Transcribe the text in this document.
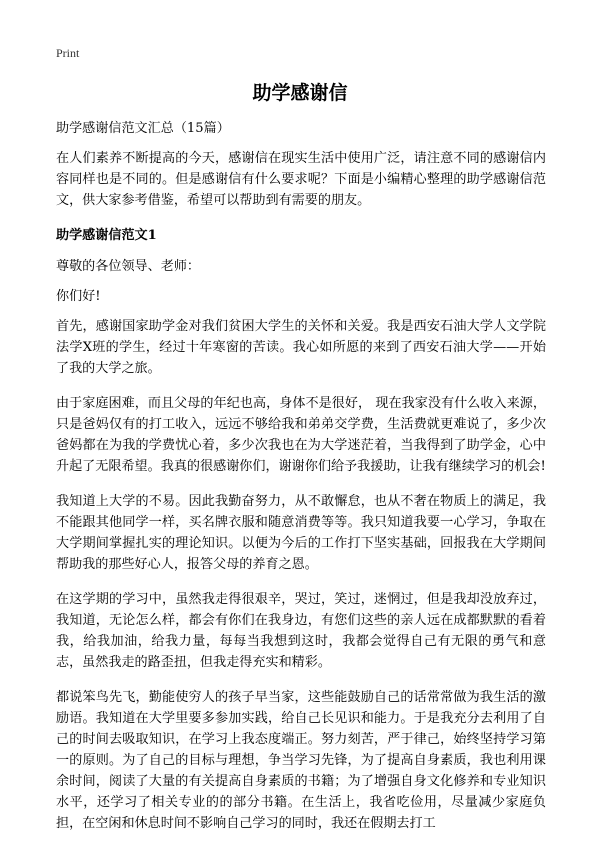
Print
助学感谢信

助学感谢信范文汇总（15篇）

在人们素养不断提高的今天，感谢信在现实生活中使用广泛，请注意不同的感谢信内容同样也是不同的。但是感谢信有什么要求呢？下面是小编精心整理的助学感谢信范文，供大家参考借鉴，希望可以帮助到有需要的朋友。

助学感谢信范文1

尊敬的各位领导、老师：

你们好!

首先，感谢国家助学金对我们贫困大学生的关怀和关爱。我是西安石油大学人文学院法学X班的学生，经过十年寒窗的苦读。我心如所愿的来到了西安石油大学——开始了我的大学之旅。

由于家庭困难，而且父母的年纪也高，身体不是很好， 现在我家没有什么收入来源，只是爸妈仅有的打工收入，远远不够给我和弟弟交学费，生活费就更难说了，多少次爸妈都在为我的学费忧心着，多少次我也在为大学迷茫着，当我得到了助学金，心中升起了无限希望。我真的很感谢你们，谢谢你们给予我援助，让我有继续学习的机会!

我知道上大学的不易。因此我勤奋努力，从不敢懈怠，也从不奢在物质上的满足，我不能跟其他同学一样，买名牌衣服和随意消费等等。我只知道我要一心学习，争取在大学期间掌握扎实的理论知识。以便为今后的工作打下坚实基础，回报我在大学期间帮助我的那些好心人，报答父母的养育之恩。

在这学期的学习中，虽然我走得很艰辛，哭过，笑过，迷惘过，但是我却没放弃过，我知道，无论怎么样，都会有你们在我身边，有您们这些的亲人远在成都默默的看着我，给我加油，给我力量，每每当我想到这时，我都会觉得自己有无限的勇气和意志，虽然我走的路歪扭，但我走得充实和精彩。

都说笨鸟先飞，勤能使穷人的孩子早当家，这些能鼓励自己的话常常做为我生活的激励语。我知道在大学里要多参加实践，给自己长见识和能力。于是我充分去利用了自己的时间去吸取知识，在学习上我态度端正。努力刻苦，严于律己，始终坚持学习第一的原则。为了自己的目标与理想，争当学习先锋，为了提高自身素质，我也利用课余时间，阅读了大量的有关提高自身素质的书籍；为了增强自身文化修养和专业知识水平，还学习了相关专业的的部分书籍。在生活上，我省吃俭用，尽量减少家庭负担，在空闲和休息时间不影响自己学习的同时，我还在假期去打工
